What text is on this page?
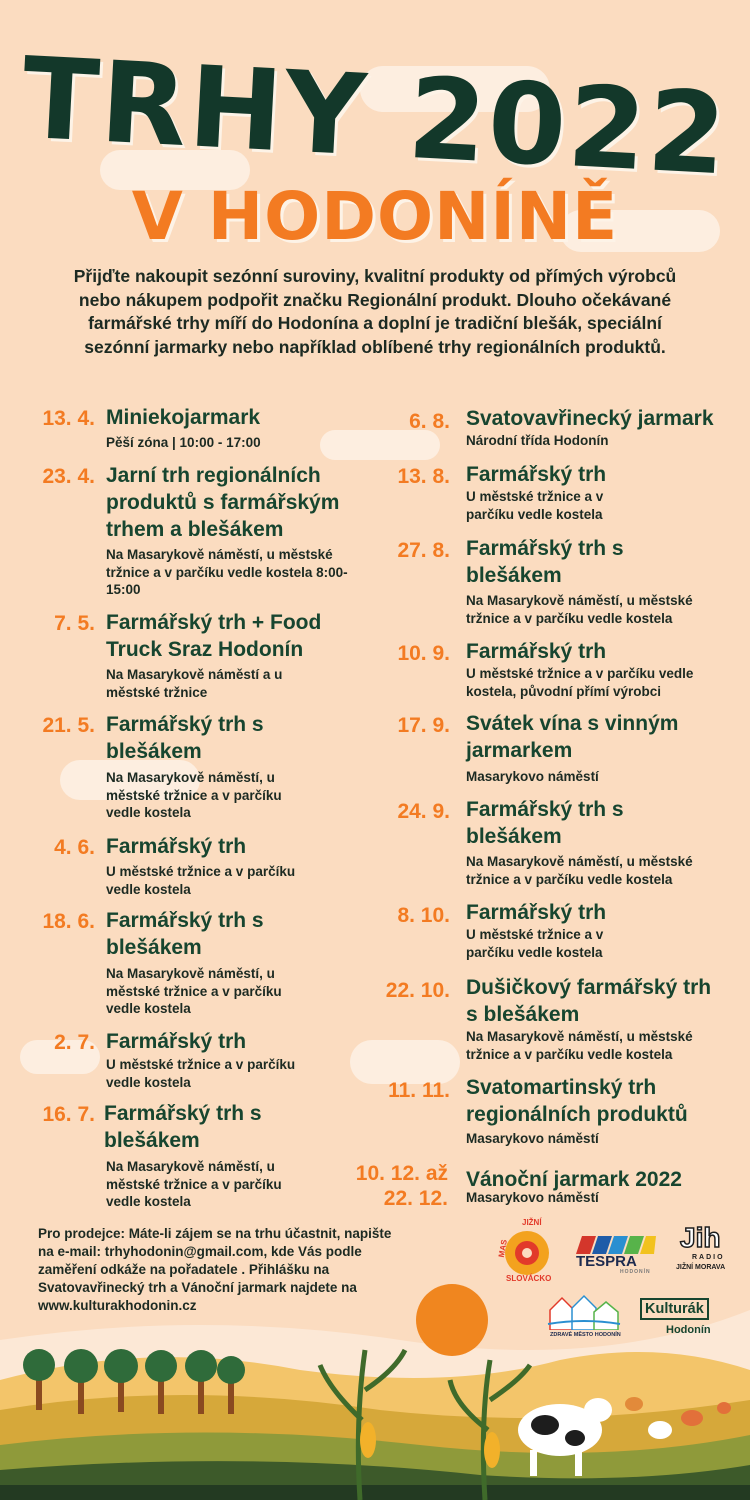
TRHY 2022
V HODONÍNĚ
Přijďte nakoupit sezónní suroviny, kvalitní produkty od přímých výrobců nebo nákupem podpořit značku Regionální produkt. Dlouho očekávané farmářské trhy míří do Hodonína a doplní je tradiční blešák, speciální sezónní jarmarky nebo například oblíbené trhy regionálních produktů.
13. 4. Miniekojarmark
Pěší zóna | 10:00 - 17:00
23. 4. Jarní trh regionálních produktů s farmářským trhem a blešákem
Na Masarykově náměstí, u městské tržnice a v parčíku vedle kostela 8:00-15:00
7. 5. Farmářský trh + Food Truck Sraz Hodonín
Na Masarykově náměstí a u městské tržnice
21. 5. Farmářský trh s blešákem
Na Masarykově náměstí, u městské tržnice a v parčíku vedle kostela
4. 6. Farmářský trh
U městské tržnice a v parčíku vedle kostela
18. 6. Farmářský trh s blešákem
Na Masarykově náměstí, u městské tržnice a v parčíku vedle kostela
2. 7. Farmářský trh
U městské tržnice a v parčíku vedle kostela
16. 7. Farmářský trh s blešákem
Na Masarykově náměstí, u městské tržnice a v parčíku vedle kostela
6. 8. Svatovavřinecký jarmark
Národní třída Hodonín
13. 8. Farmářský trh
U městské tržnice a v parčíku vedle kostela
27. 8. Farmářský trh s blešákem
Na Masarykově náměstí, u městské tržnice a v parčíku vedle kostela
10. 9. Farmářský trh
U městské tržnice a v parčíku vedle kostela, původní přímí výrobci
17. 9. Svátek vína s vinným jarmarkem
Masarykovo náměstí
24. 9. Farmářský trh s blešákem
Na Masarykově náměstí, u městské tržnice a v parčíku vedle kostela
8. 10. Farmářský trh
U městské tržnice a v parčíku vedle kostela
22. 10. Dušičkový farmářský trh s blešákem
Na Masarykově náměstí, u městské tržnice a v parčíku vedle kostela
11. 11. Svatomartinský trh regionálních produktů
Masarykovo náměstí
10. 12. až 22. 12.
Vánoční jarmark 2022
Masarykovo náměstí
Pro prodejce: Máte-li zájem se na trhu účastnit, napište na e-mail: trhyhodonin@gmail.com, kde Vás podle zaměření odkáže na pořadatele . Přihlášku na Svatovavřinecký trh a Vánoční jarmark najdete na www.kulturakhodonin.cz
JIŽNÍ
MAS
SLOVÁCKO
TESPRA
HODONÍN
Jih
RADIO
JIŽNÍ MORAVA
ZDRAVÉ MĚSTO HODONÍN
Kulturák
Hodonín
